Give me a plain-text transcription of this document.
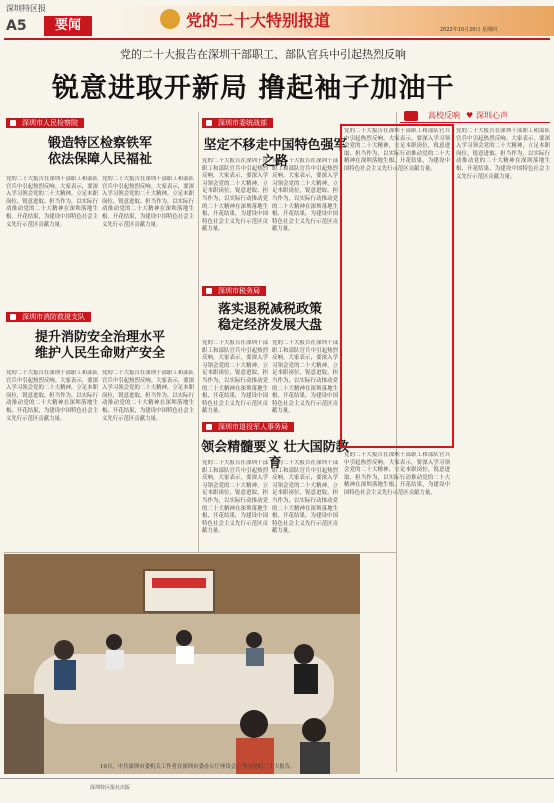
深圳特区报
A5	要闻	党的二十大特别报道	2022年10月20日 星期四
党的二十大报告在深圳干部职工、部队官兵中引起热烈反响
锐意进取开新局 撸起袖子加油干
深圳市人民检察院
锻造特区检察铁军
依法保障人民福祉
党的二十大报告在深圳干部职工和部队官兵中引起热烈反响。大家表示，要深入学习领会党的二十大精神，立足本职岗位，锐意进取、担当作为，以实际行动推动党的二十大精神在深圳落地生根、开花结果，为建设中国特色社会主义先行示范区贡献力量。
党的二十大报告在深圳干部职工和部队官兵中引起热烈反响。大家表示，要深入学习领会党的二十大精神，立足本职岗位，锐意进取、担当作为，以实际行动推动党的二十大精神在深圳落地生根、开花结果，为建设中国特色社会主义先行示范区贡献力量。
深圳市委统战部
坚定不移走中国特色强军之路
党的二十大报告在深圳干部职工和部队官兵中引起热烈反响。大家表示，要深入学习领会党的二十大精神，立足本职岗位，锐意进取、担当作为，以实际行动推动党的二十大精神在深圳落地生根、开花结果，为建设中国特色社会主义先行示范区贡献力量。
党的二十大报告在深圳干部职工和部队官兵中引起热烈反响。大家表示，要深入学习领会党的二十大精神，立足本职岗位，锐意进取、担当作为，以实际行动推动党的二十大精神在深圳落地生根、开花结果，为建设中国特色社会主义先行示范区贡献力量。
深圳市税务局
落实退税减税政策
稳定经济发展大盘
党的二十大报告在深圳干部职工和部队官兵中引起热烈反响。大家表示，要深入学习领会党的二十大精神，立足本职岗位，锐意进取、担当作为，以实际行动推动党的二十大精神在深圳落地生根、开花结果，为建设中国特色社会主义先行示范区贡献力量。
党的二十大报告在深圳干部职工和部队官兵中引起热烈反响。大家表示，要深入学习领会党的二十大精神，立足本职岗位，锐意进取、担当作为，以实际行动推动党的二十大精神在深圳落地生根、开花结果，为建设中国特色社会主义先行示范区贡献力量。
深圳市消防救援支队
提升消防安全治理水平
维护人民生命财产安全
党的二十大报告在深圳干部职工和部队官兵中引起热烈反响。大家表示，要深入学习领会党的二十大精神，立足本职岗位，锐意进取、担当作为，以实际行动推动党的二十大精神在深圳落地生根、开花结果，为建设中国特色社会主义先行示范区贡献力量。
党的二十大报告在深圳干部职工和部队官兵中引起热烈反响。大家表示，要深入学习领会党的二十大精神，立足本职岗位，锐意进取、担当作为，以实际行动推动党的二十大精神在深圳落地生根、开花结果，为建设中国特色社会主义先行示范区贡献力量。
深圳市退役军人事务局
领会精髓要义 壮大国防教育
党的二十大报告在深圳干部职工和部队官兵中引起热烈反响。大家表示，要深入学习领会党的二十大精神，立足本职岗位，锐意进取、担当作为，以实际行动推动党的二十大精神在深圳落地生根、开花结果，为建设中国特色社会主义先行示范区贡献力量。
党的二十大报告在深圳干部职工和部队官兵中引起热烈反响。大家表示，要深入学习领会党的二十大精神，立足本职岗位，锐意进取、担当作为，以实际行动推动党的二十大精神在深圳落地生根、开花结果，为建设中国特色社会主义先行示范区贡献力量。
高校反响 ♥ 深圳心声
党的二十大报告在深圳干部职工和部队官兵中引起热烈反响。大家表示，要深入学习领会党的二十大精神，立足本职岗位，锐意进取、担当作为，以实际行动推动党的二十大精神在深圳落地生根、开花结果，为建设中国特色社会主义先行示范区贡献力量。
党的二十大报告在深圳干部职工和部队官兵中引起热烈反响。大家表示，要深入学习领会党的二十大精神，立足本职岗位，锐意进取、担当作为，以实际行动推动党的二十大精神在深圳落地生根、开花结果，为建设中国特色社会主义先行示范区贡献力量。
党的二十大报告在深圳干部职工和部队官兵中引起热烈反响。大家表示，要深入学习领会党的二十大精神，立足本职岗位，锐意进取、担当作为，以实际行动推动党的二十大精神在深圳落地生根、开花结果，为建设中国特色社会主义先行示范区贡献力量。
19日，中共深圳市委机关工作者在深圳市委办公厅座谈会上学习党的二十大报告。
深圳特区报社出版
